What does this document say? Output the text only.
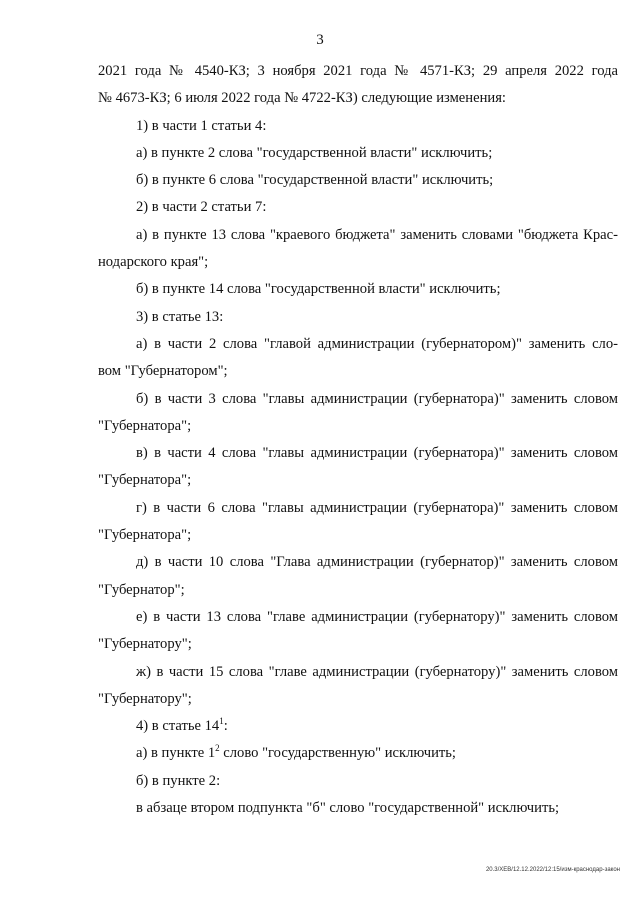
3

2021 года № 4540-КЗ; 3 ноября 2021 года № 4571-КЗ; 29 апреля 2022 года

№ 4673-КЗ; 6 июля 2022 года № 4722-КЗ) следующие изменения:

1) в части 1 статьи 4:

а) в пункте 2 слова "государственной власти" исключить;

б) в пункте 6 слова "государственной власти" исключить;

2) в части 2 статьи 7:

а) в пункте 13 слова "краевого бюджета" заменить словами "бюджета Крас-

нодарского края";

б) в пункте 14 слова "государственной власти" исключить;

3) в статье 13:

а) в части 2 слова "главой администрации (губернатором)" заменить сло-

вом "Губернатором";

б) в части 3 слова "главы администрации (губернатора)" заменить словом

"Губернатора";

в) в части 4 слова "главы администрации (губернатора)" заменить словом

"Губернатора";

г) в части 6 слова "главы администрации (губернатора)" заменить словом

"Губернатора";

д) в части 10 слова "Глава администрации (губернатор)" заменить словом

"Губернатор";

е) в части 13 слова "главе администрации (губернатору)" заменить словом

"Губернатору";

ж) в части 15 слова "главе администрации (губернатору)" заменить словом

"Губернатору";

4) в статье $14^1$:

а) в пункте $1^2$ слово "государственную" исключить;

б) в пункте 2:

в абзаце втором подпункта "б" слово "государственной" исключить;

20.3/ХЕВ/12.12.2022/12:15/изм-краснодар-закон
